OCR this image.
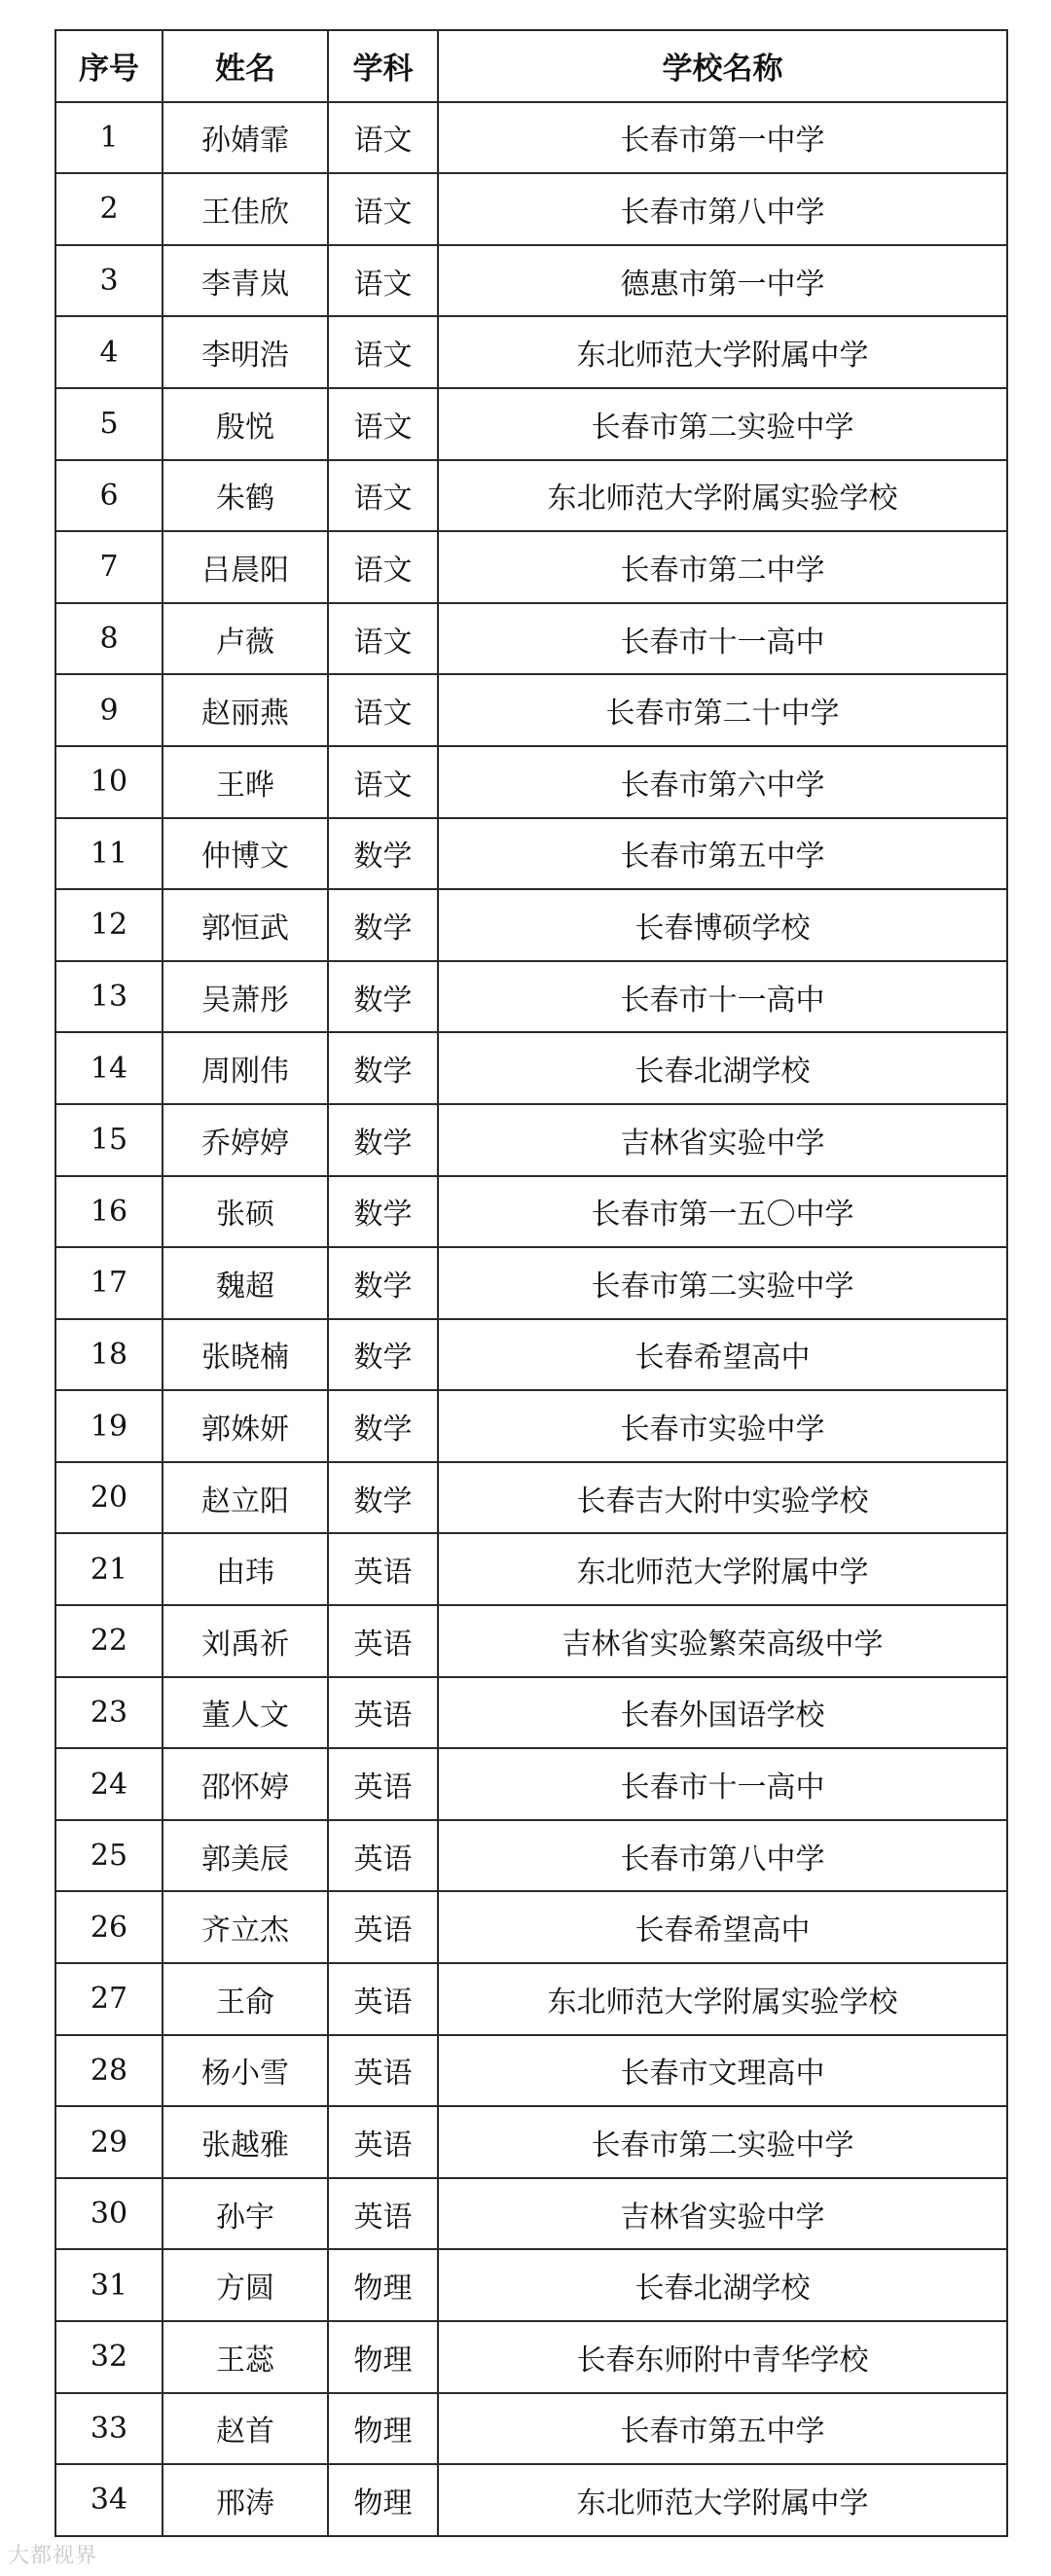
序号	姓名	学科	学校名称
1	孙婧霏	语文	长春市第一中学
2	王佳欣	语文	长春市第八中学
3	李青岚	语文	德惠市第一中学
4	李明浩	语文	东北师范大学附属中学
5	殷悦	语文	长春市第二实验中学
6	朱鹤	语文	东北师范大学附属实验学校
7	吕晨阳	语文	长春市第二中学
8	卢薇	语文	长春市十一高中
9	赵丽燕	语文	长春市第二十中学
10	王晔	语文	长春市第六中学
11	仲博文	数学	长春市第五中学
12	郭恒武	数学	长春博硕学校
13	吴萧彤	数学	长春市十一高中
14	周刚伟	数学	长春北湖学校
15	乔婷婷	数学	吉林省实验中学
16	张硕	数学	长春市第一五〇中学
17	魏超	数学	长春市第二实验中学
18	张晓楠	数学	长春希望高中
19	郭姝妍	数学	长春市实验中学
20	赵立阳	数学	长春吉大附中实验学校
21	由玮	英语	东北师范大学附属中学
22	刘禹祈	英语	吉林省实验繁荣高级中学
23	董人文	英语	长春外国语学校
24	邵怀婷	英语	长春市十一高中
25	郭美辰	英语	长春市第八中学
26	齐立杰	英语	长春希望高中
27	王俞	英语	东北师范大学附属实验学校
28	杨小雪	英语	长春市文理高中
29	张越雅	英语	长春市第二实验中学
30	孙宇	英语	吉林省实验中学
31	方圆	物理	长春北湖学校
32	王蕊	物理	长春东师附中青华学校
33	赵首	物理	长春市第五中学
34	邢涛	物理	东北师范大学附属中学
大都视界
